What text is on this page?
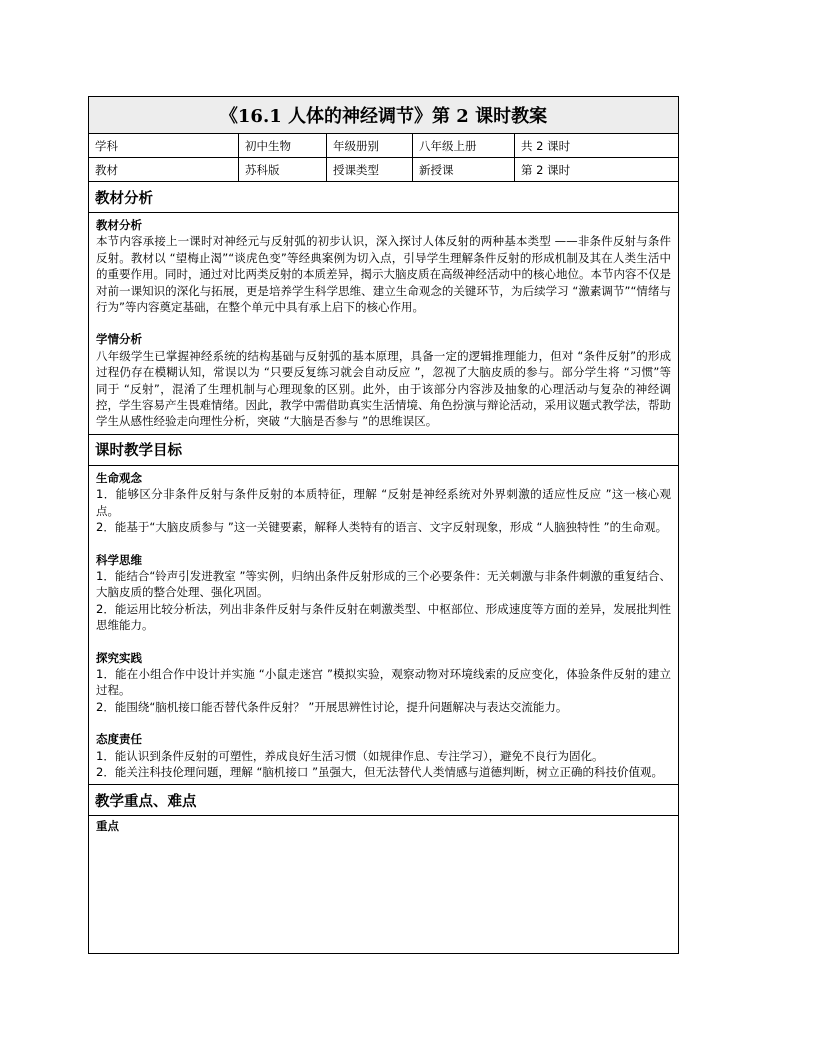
《16.1 人体的神经调节》第 2 课时教案
学科	初中生物	年级册别	八年级上册	共 2 课时
教材	苏科版	授课类型	新授课	第 2 课时
教材分析
教材分析
本节内容承接上一课时对神经元与反射弧的初步认识，深入探讨人体反射的两种基本类型 ——非条件反射与条件反射。教材以 “望梅止渴”“谈虎色变”等经典案例为切入点，引导学生理解条件反射的形成机制及其在人类生活中的重要作用。同时，通过对比两类反射的本质差异，揭示大脑皮质在高级神经活动中的核心地位。本节内容不仅是对前一课知识的深化与拓展，更是培养学生科学思维、建立生命观念的关键环节，为后续学习 “激素调节”“情绪与行为”等内容奠定基础，在整个单元中具有承上启下的核心作用。
学情分析
八年级学生已掌握神经系统的结构基础与反射弧的基本原理，具备一定的逻辑推理能力，但对 “条件反射”的形成过程仍存在模糊认知，常误以为 “只要反复练习就会自动反应 ”，忽视了大脑皮质的参与。部分学生将 “习惯”等同于 “反射”，混淆了生理机制与心理现象的区别。此外，由于该部分内容涉及抽象的心理活动与复杂的神经调控，学生容易产生畏难情绪。因此，教学中需借助真实生活情境、角色扮演与辩论活动，采用议题式教学法，帮助学生从感性经验走向理性分析，突破 “大脑是否参与 ”的思维误区。
课时教学目标
生命观念
1．能够区分非条件反射与条件反射的本质特征，理解 “反射是神经系统对外界刺激的适应性反应 ”这一核心观点。
2．能基于“大脑皮质参与 ”这一关键要素，解释人类特有的语言、文字反射现象，形成 “人脑独特性 ”的生命观。
科学思维
1．能结合“铃声引发进教室 ”等实例，归纳出条件反射形成的三个必要条件：无关刺激与非条件刺激的重复结合、大脑皮质的整合处理、强化巩固。
2．能运用比较分析法，列出非条件反射与条件反射在刺激类型、中枢部位、形成速度等方面的差异，发展批判性思维能力。
探究实践
1．能在小组合作中设计并实施 “小鼠走迷宫 ”模拟实验，观察动物对环境线索的反应变化，体验条件反射的建立过程。
2．能围绕“脑机接口能否替代条件反射？ ”开展思辨性讨论，提升问题解决与表达交流能力。
态度责任
1．能认识到条件反射的可塑性，养成良好生活习惯（如规律作息、专注学习），避免不良行为固化。
2．能关注科技伦理问题，理解 “脑机接口 ”虽强大，但无法替代人类情感与道德判断，树立正确的科技价值观。
教学重点、难点
重点
